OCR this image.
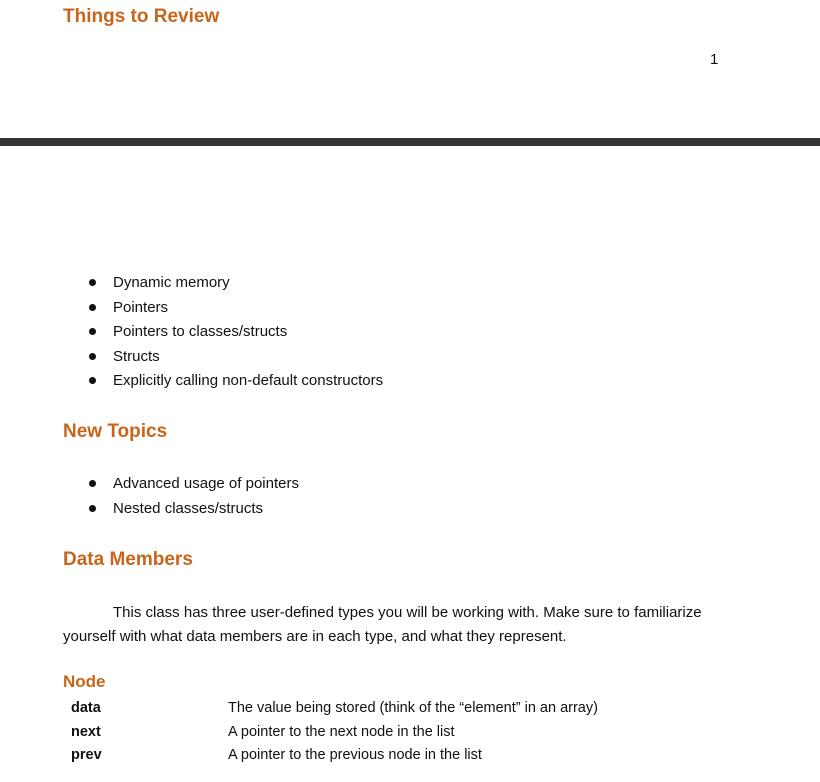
Things to Review
1
Dynamic memory
Pointers
Pointers to classes/structs
Structs
Explicitly calling non-default constructors
New Topics
Advanced usage of pointers
Nested classes/structs
Data Members

This class has three user-defined types you will be working with. Make sure to familiarize yourself with what data members are in each type, and what they represent.

Node
data	The value being stored (think of the “element” in an array)
next	A pointer to the next node in the list
prev	A pointer to the previous node in the list
